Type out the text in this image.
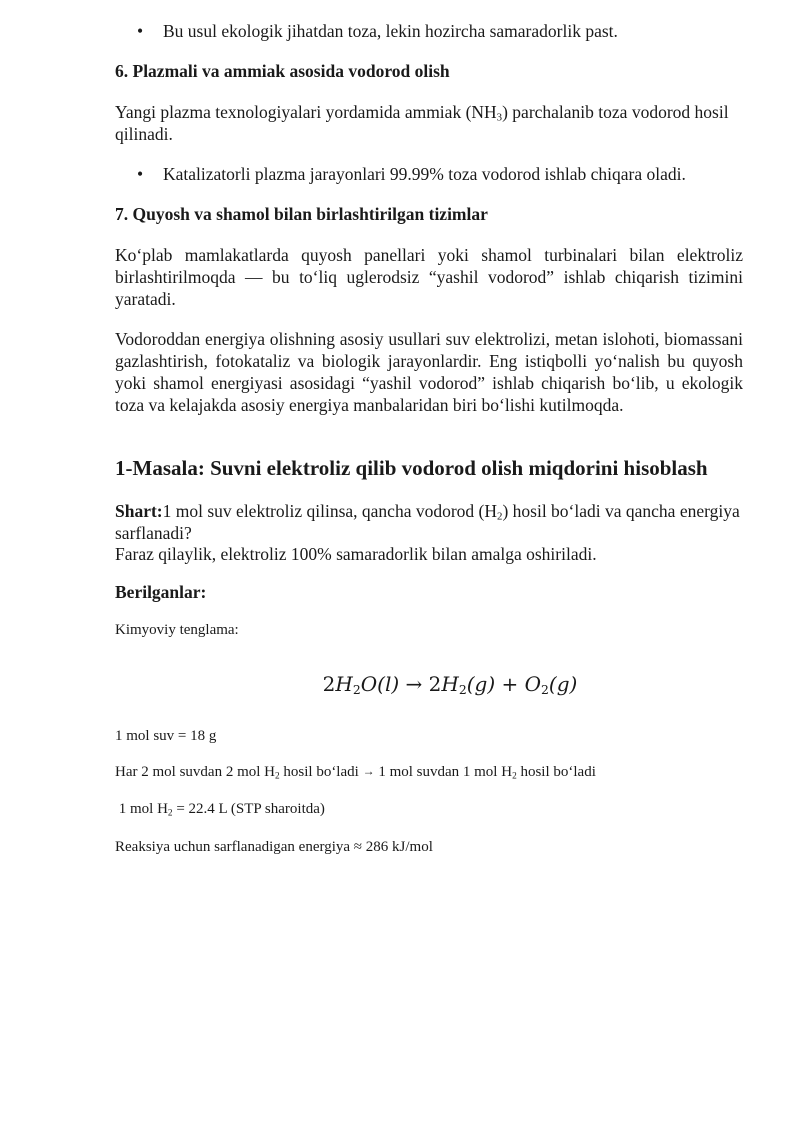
• Bu usul ekologik jihatdan toza, lekin hozircha samaradorlik past.
6. Plazmali va ammiak asosida vodorod olish
Yangi plazma texnologiyalari yordamida ammiak $(NH_3)$ parchalanib toza vodorod hosil qilinadi.
• Katalizatorli plazma jarayonlari 99.99% toza vodorod ishlab chiqara oladi.
7. Quyosh va shamol bilan birlashtirilgan tizimlar
Ko‘plab mamlakatlarda quyosh panellari yoki shamol turbinalari bilan elektroliz birlashtirilmoqda — bu to‘liq uglerodsiz “yashil vodorod” ishlab chiqarish tizimini yaratadi.
Vodoroddan energiya olishning asosiy usullari suv elektrolizi, metan islohoti, biomassani gazlashtirish, fotokataliz va biologik jarayonlardir. Eng istiqbolli yo‘nalish bu quyosh yoki shamol energiyasi asosidagi “yashil vodorod” ishlab chiqarish bo‘lib, u ekologik toza va kelajakda asosiy energiya manbalaridan biri bo‘lishi kutilmoqda.
1-Masala: Suvni elektroliz qilib vodorod olish miqdorini hisoblash
Shart:1 mol suv elektroliz qilinsa, qancha vodorod $(H_2)$ hosil bo‘ladi va qancha energiya sarflanadi?
Faraz qilaylik, elektroliz 100% samaradorlik bilan amalga oshiriladi.
Berilganlar:
Kimyoviy tenglama:
$2H_2O(l) \to 2H_2(g) + O_2(g)$
1 mol suv = 18 g
Har 2 mol suvdan 2 mol $H_2$ hosil bo‘ladi → 1 mol suvdan 1 mol $H_2$ hosil bo‘ladi
1 mol $H_2 = 22.4$ L (STP sharoitda)
Reaksiya uchun sarflanadigan energiya ≈ 286 kJ/mol
